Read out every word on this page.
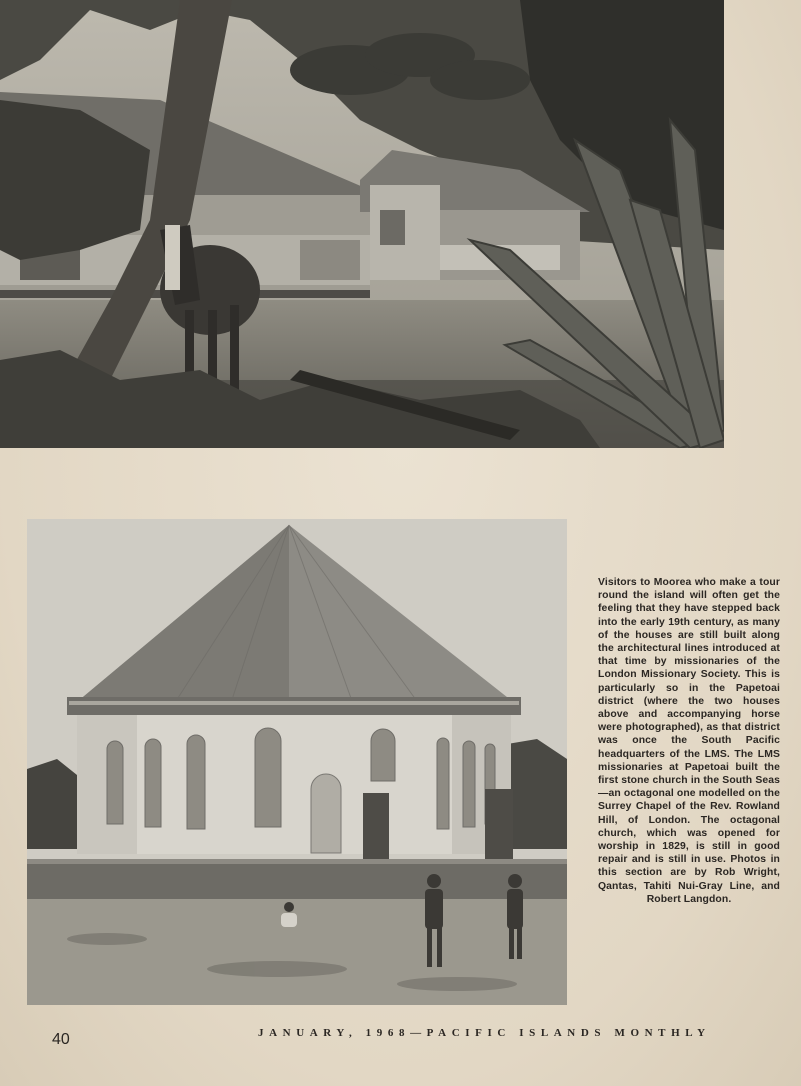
Visitors to Moorea who make a tour round the island will often get the feeling that they have stepped back into the early 19th century, as many of the houses are still built along the architectural lines introduced at that time by missionaries of the London Missionary Society. This is particularly so in the Papetoai district (where the two houses above and accompanying horse were photographed), as that district was once the South Pacific headquarters of the LMS. The LMS missionaries at Papetoai built the first stone church in the South Seas—an octagonal one modelled on the Surrey Chapel of the Rev. Rowland Hill, of London. The octagonal church, which was opened for worship in 1829, is still in good repair and is still in use. Photos in this section are by Rob Wright, Qantas, Tahiti Nui-Gray Line, and Robert Langdon.
40	JANUARY, 1968—PACIFIC ISLANDS MONTHLY
